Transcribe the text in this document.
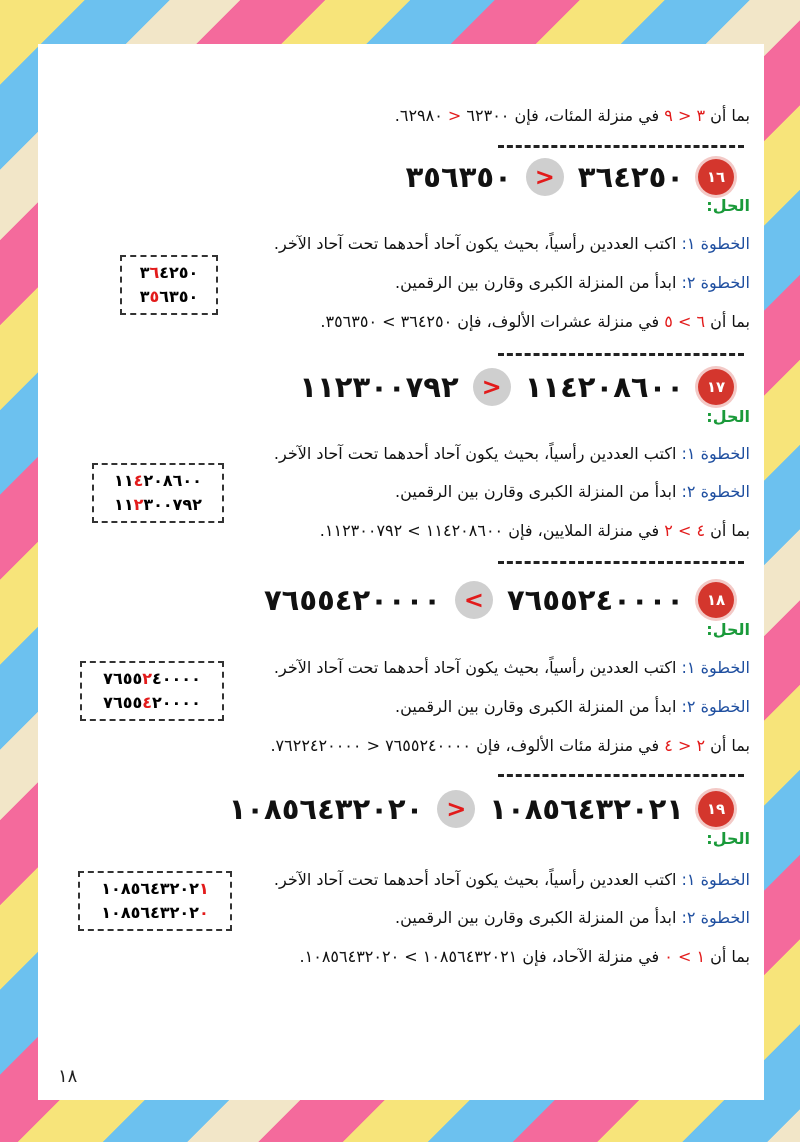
بما أن ٣ < ٩ في منزلة المئات، فإن ٦٢٣٠٠ < ٦٢٩٨٠.
٣٥٦٣٥٠ > ٣٦٤٢٥٠	١٦
الحل:
الخطوة ١: اكتب العددين رأسياً، بحيث يكون آحاد أحدهما تحت آحاد الآخر.
الخطوة ٢: ابدأ من المنزلة الكبرى وقارن بين الرقمين.
بما أن ٦ > ٥ في منزلة عشرات الألوف، فإن ٣٦٤٢٥٠ > ٣٥٦٣٥٠.
٣٦٤٢٥٠
٣٥٦٣٥٠
١١٢٣٠٠٧٩٢ > ١١٤٢٠٨٦٠٠	١٧
الحل:
الخطوة ١: اكتب العددين رأسياً، بحيث يكون آحاد أحدهما تحت آحاد الآخر.
الخطوة ٢: ابدأ من المنزلة الكبرى وقارن بين الرقمين.
بما أن ٤ > ٢ في منزلة الملايين، فإن ١١٤٢٠٨٦٠٠ > ١١٢٣٠٠٧٩٢.
١١٤٢٠٨٦٠٠
١١٢٣٠٠٧٩٢
٧٦٥٥٤٢٠٠٠٠ < ٧٦٥٥٢٤٠٠٠٠	١٨
الحل:
الخطوة ١: اكتب العددين رأسياً، بحيث يكون آحاد أحدهما تحت آحاد الآخر.
الخطوة ٢: ابدأ من المنزلة الكبرى وقارن بين الرقمين.
بما أن ٢ < ٤ في منزلة مئات الألوف، فإن ٧٦٥٥٢٤٠٠٠٠ < ٧٦٢٢٤٢٠٠٠٠.
٧٦٥٥٢٤٠٠٠٠
٧٦٥٥٤٢٠٠٠٠
١٠٨٥٦٤٣٢٠٢٠ > ١٠٨٥٦٤٣٢٠٢١	١٩
الحل:
الخطوة ١: اكتب العددين رأسياً، بحيث يكون آحاد أحدهما تحت آحاد الآخر.
الخطوة ٢: ابدأ من المنزلة الكبرى وقارن بين الرقمين.
بما أن ١ > ٠ في منزلة الآحاد، فإن ١٠٨٥٦٤٣٢٠٢١ > ١٠٨٥٦٤٣٢٠٢٠.
١٠٨٥٦٤٣٢٠٢١
١٠٨٥٦٤٣٢٠٢٠
١٨
